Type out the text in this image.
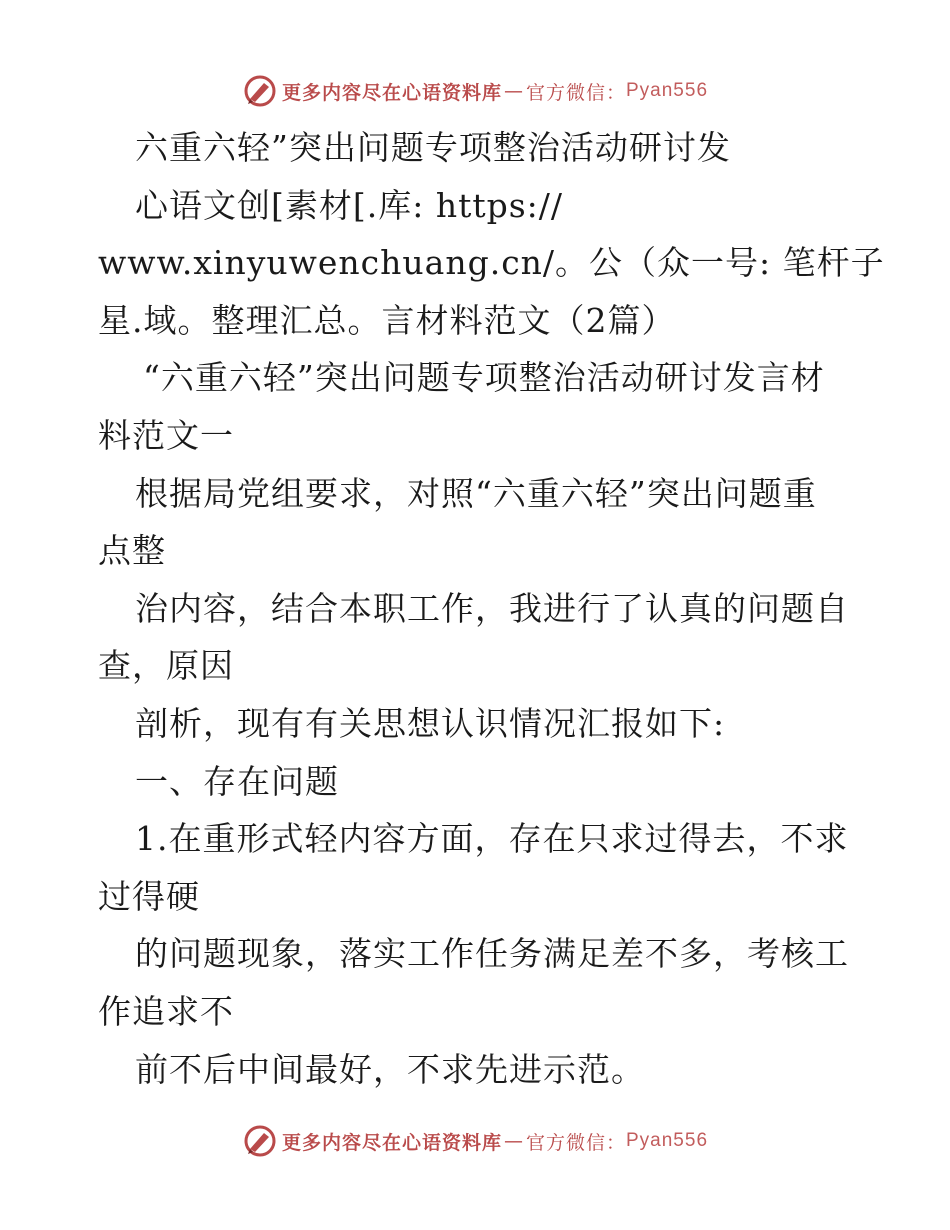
更多内容尽在心语资料库 — 官方微信： Pyan556
六重六轻”突出问题专项整治活动研讨发
心语文创[素材[.库: https://
www.xinyuwenchuang.cn/。公（众一号: 笔杆子
星.域。整理汇总。言材料范文（2篇）
“六重六轻”突出问题专项整治活动研讨发言材
料范文一
根据局党组要求，对照“六重六轻”突出问题重
点整
治内容，结合本职工作，我进行了认真的问题自
查，原因
剖析，现有有关思想认识情况汇报如下:
一、存在问题
1.在重形式轻内容方面，存在只求过得去，不求
过得硬
的问题现象，落实工作任务满足差不多，考核工
作追求不
前不后中间最好，不求先进示范。
更多内容尽在心语资料库 — 官方微信： Pyan556
